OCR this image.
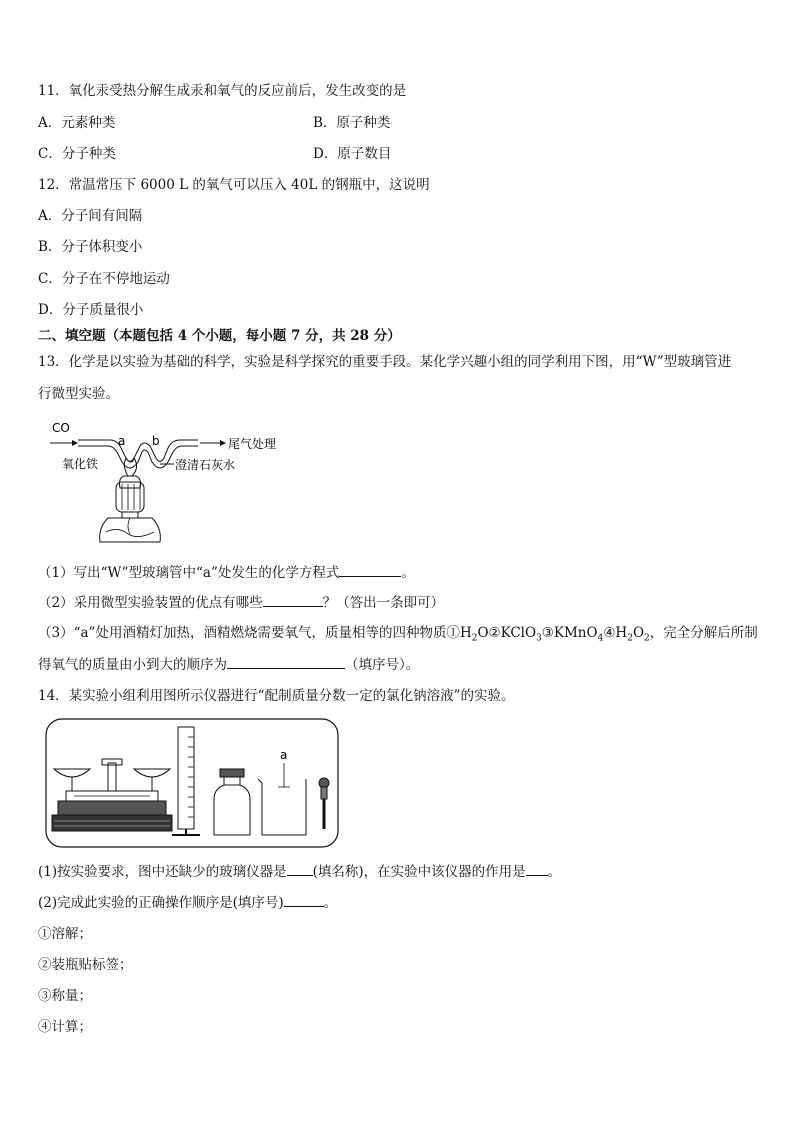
11．氧化汞受热分解生成汞和氧气的反应前后，发生改变的是
A．元素种类	B．原子种类
C．分子种类	D．原子数目
12．常温常压下 6000 L 的氧气可以压入 40L 的钢瓶中，这说明
A．分子间有间隔
B．分子体积变小
C．分子在不停地运动
D．分子质量很小
二、填空题（本题包括 4 个小题，每小题 7 分，共 28 分）
13．化学是以实验为基础的科学，实验是科学探究的重要手段。某化学兴趣小组的同学利用下图，用“W”型玻璃管进
行微型实验。
CO
a b	尾气处理
氧化铁	澄清石灰水
（1）写出“W”型玻璃管中“a”处发生的化学方程式	。
（2）采用微型实验装置的优点有哪些	？（答出一条即可）
（3）“a”处用酒精灯加热，酒精燃烧需要氧气，质量相等的四种物质$①H_2O②KClO_3③KMnO_4④H_2O_2$，完全分解后所制
得氧气的质量由小到大的顺序为	（填序号）。
14．某实验小组利用图所示仪器进行“配制质量分数一定的氯化钠溶液”的实验。
a
(1)按实验要求，图中还缺少的玻璃仪器是 (填名称)，在实验中该仪器的作用是 。
(2)完成此实验的正确操作顺序是(填序号)	。
①溶解；
②装瓶贴标签；
③称量；
④计算；
